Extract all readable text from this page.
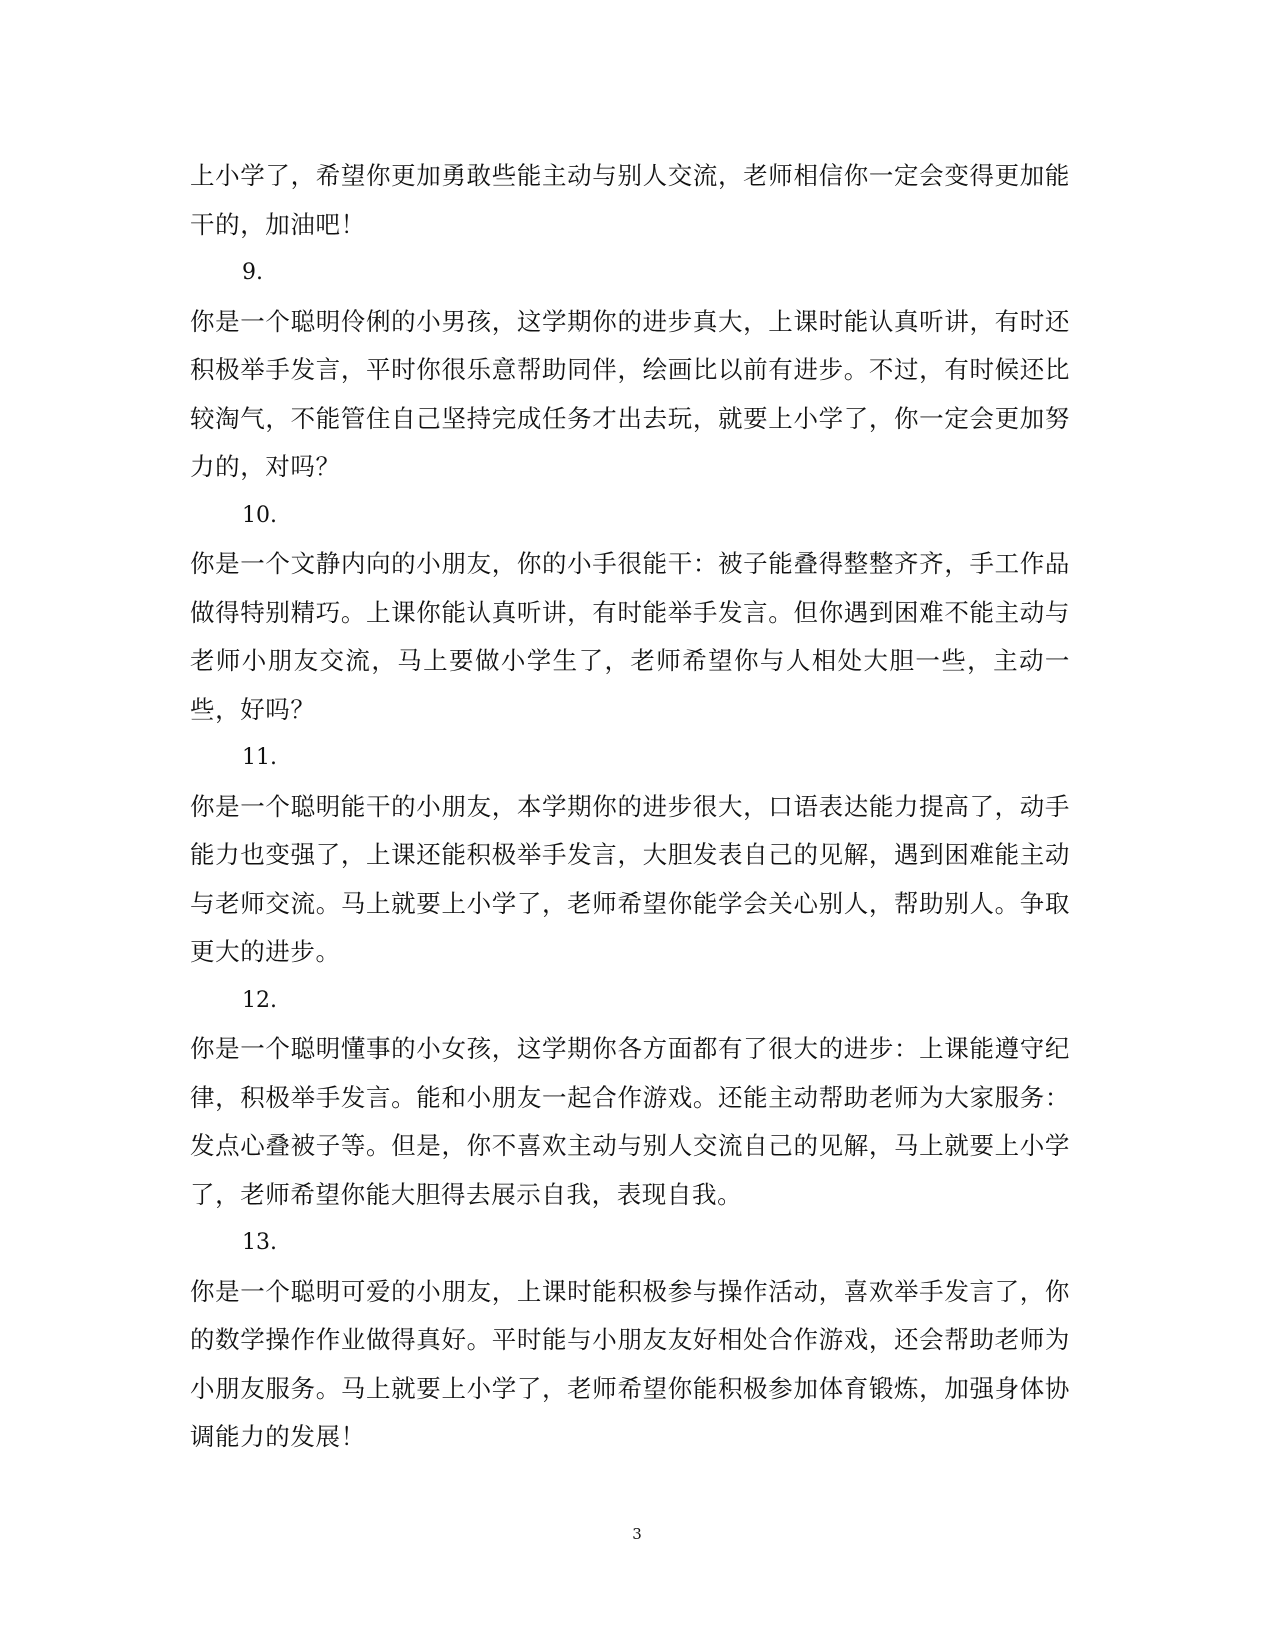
上小学了，希望你更加勇敢些能主动与别人交流，老师相信你一定会变得更加能干的，加油吧！

9.

你是一个聪明伶俐的小男孩，这学期你的进步真大，上课时能认真听讲，有时还积极举手发言，平时你很乐意帮助同伴，绘画比以前有进步。不过，有时候还比较淘气，不能管住自己坚持完成任务才出去玩，就要上小学了，你一定会更加努力的，对吗？

10.

你是一个文静内向的小朋友，你的小手很能干：被子能叠得整整齐齐，手工作品做得特别精巧。上课你能认真听讲，有时能举手发言。但你遇到困难不能主动与老师小朋友交流，马上要做小学生了，老师希望你与人相处大胆一些，主动一些，好吗？

11.

你是一个聪明能干的小朋友，本学期你的进步很大，口语表达能力提高了，动手能力也变强了，上课还能积极举手发言，大胆发表自己的见解，遇到困难能主动与老师交流。马上就要上小学了，老师希望你能学会关心别人，帮助别人。争取更大的进步。

12.

你是一个聪明懂事的小女孩，这学期你各方面都有了很大的进步：上课能遵守纪律，积极举手发言。能和小朋友一起合作游戏。还能主动帮助老师为大家服务：发点心叠被子等。但是，你不喜欢主动与别人交流自己的见解，马上就要上小学了，老师希望你能大胆得去展示自我，表现自我。

13.

你是一个聪明可爱的小朋友，上课时能积极参与操作活动，喜欢举手发言了，你的数学操作作业做得真好。平时能与小朋友友好相处合作游戏，还会帮助老师为小朋友服务。马上就要上小学了，老师希望你能积极参加体育锻炼，加强身体协调能力的发展！

3
